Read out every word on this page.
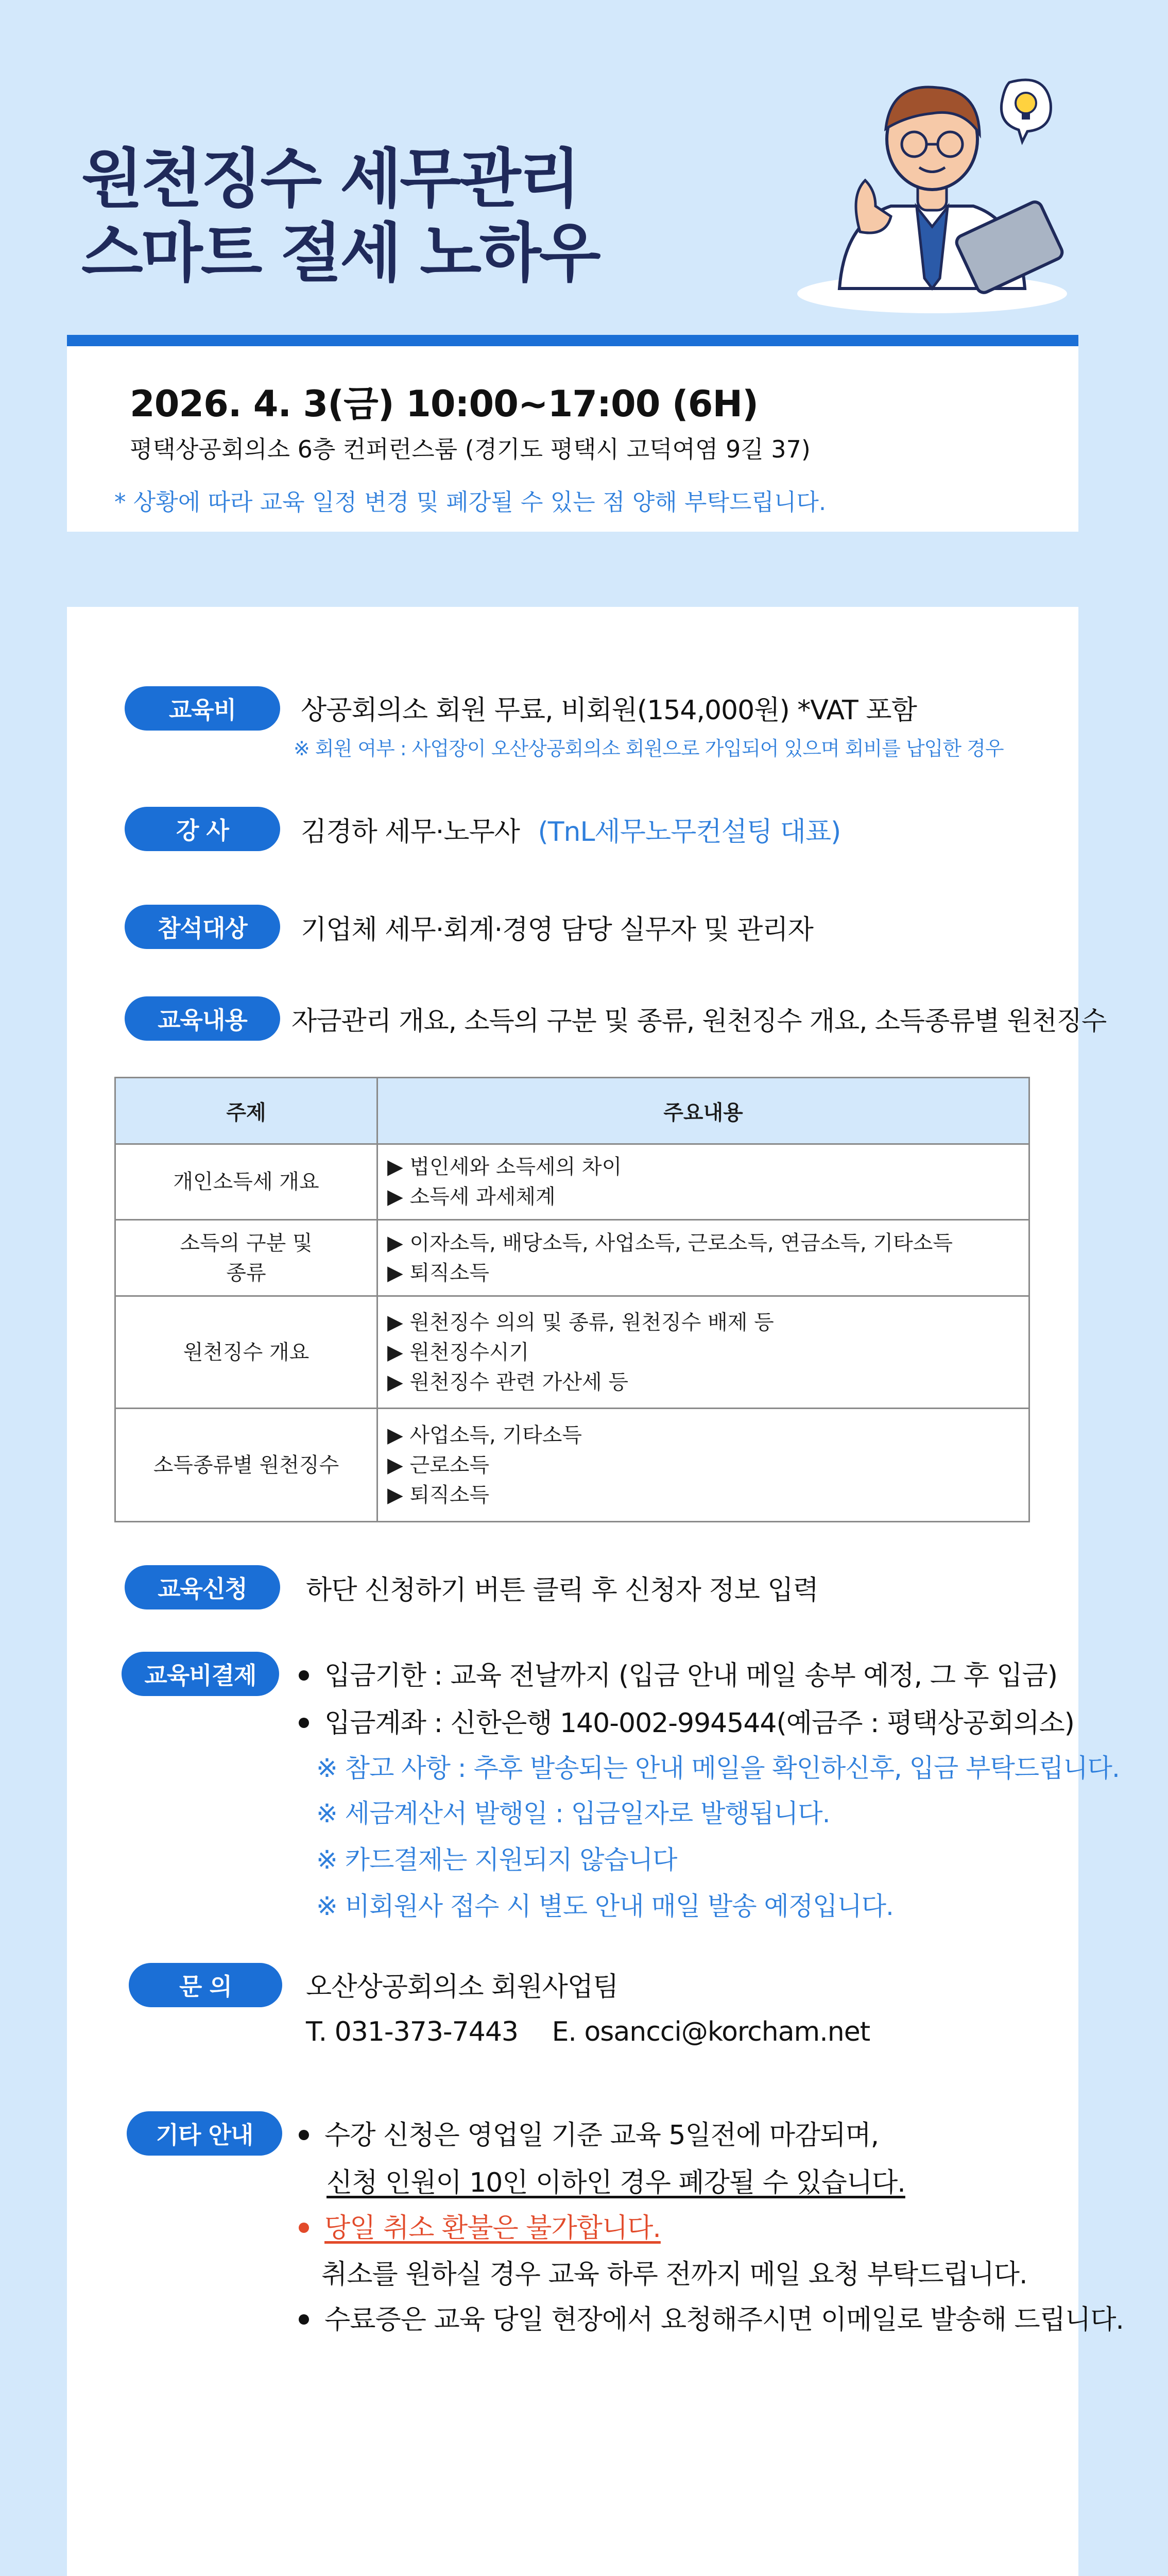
원천징수 세무관리
스마트 절세 노하우
2026. 4. 3(금) 10:00~17:00 (6H)
평택상공회의소 6층 컨퍼런스룸 (경기도 평택시 고덕여염 9길 37)
* 상황에 따라 교육 일정 변경 및 폐강될 수 있는 점 양해 부탁드립니다.
교육비	상공회의소 회원 무료, 비회원(154,000원) *VAT 포함
※ 회원 여부 : 사업장이 오산상공회의소 회원으로 가입되어 있으며 회비를 납입한 경우
강 사	김경하 세무·노무사 (TnL세무노무컨설팅 대표)
참석대상	기업체 세무·회계·경영 담당 실무자 및 관리자
교육내용	자금관리 개요, 소득의 구분 및 종류, 원천징수 개요, 소득종류별 원천징수
주제	주요내용
개인소득세 개요	▶ 법인세와 소득세의 차이
▶ 소득세 과세체계

소득의 구분 및 종류	▶ 이자소득, 배당소득, 사업소득, 근로소득, 연금소득, 기타소득
▶ 퇴직소득

원천징수 개요	▶ 원천징수 의의 및 종류, 원천징수 배제 등
▶ 원천징수시기
▶ 원천징수 관련 가산세 등

소득종류별 원천징수	▶ 사업소득, 기타소득
▶ 근로소득
▶ 퇴직소득
교육신청	하단 신청하기 버튼 클릭 후 신청자 정보 입력
교육비결제	입금기한 : 교육 전날까지 (입금 안내 메일 송부 예정, 그 후 입금)
입금계좌 : 신한은행 140-002-994544(예금주 : 평택상공회의소)
※ 참고 사항 : 추후 발송되는 안내 메일을 확인하신후, 입금 부탁드립니다.
※ 세금계산서 발행일 : 입금일자로 발행됩니다.
※ 카드결제는 지원되지 않습니다
※ 비회원사 접수 시 별도 안내 매일 발송 예정입니다.
문 의	오산상공회의소 회원사업팀
T. 031-373-7443 E. osancci@korcham.net
기타 안내	수강 신청은 영업일 기준 교육 5일전에 마감되며,
신청 인원이 10인 이하인 경우 폐강될 수 있습니다.
당일 취소 환불은 불가합니다.
취소를 원하실 경우 교육 하루 전까지 메일 요청 부탁드립니다.
수료증은 교육 당일 현장에서 요청해주시면 이메일로 발송해 드립니다.
